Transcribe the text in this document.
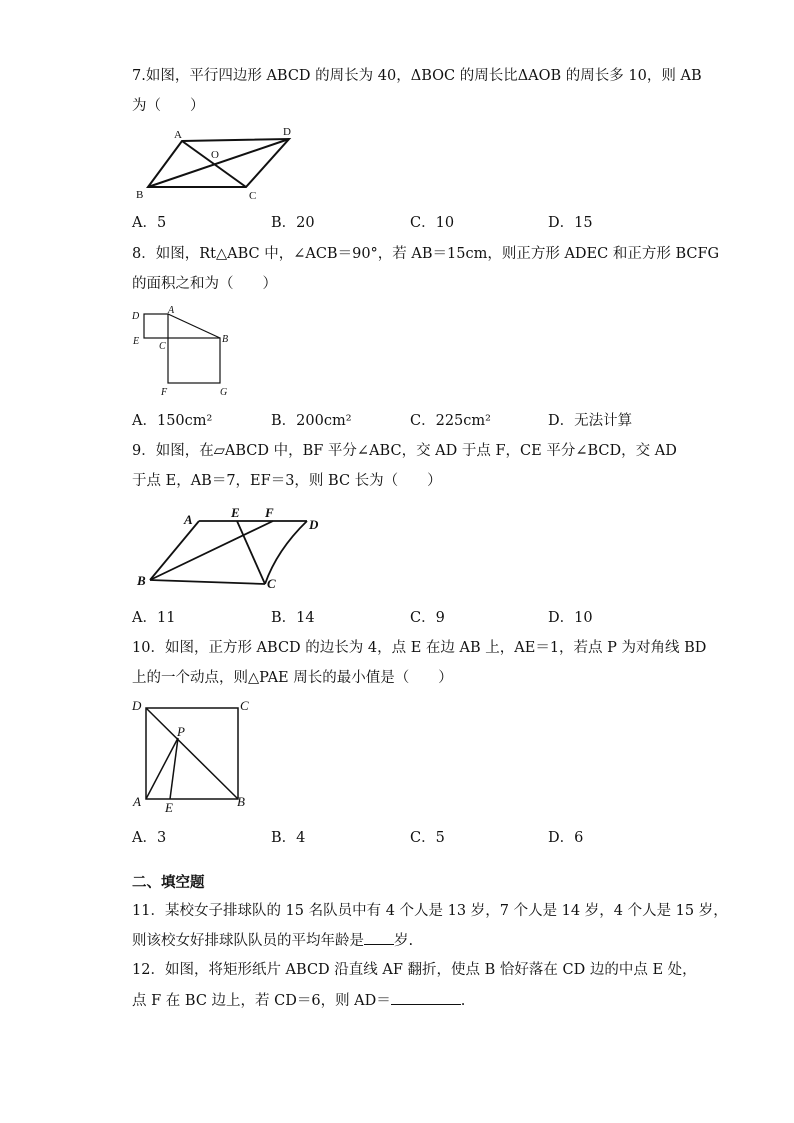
7.如图，平行四边形 ABCD 的周长为 40，ΔBOC 的周长比ΔAOB 的周长多 10，则 AB
为（　　）
A	D
O
B	C
A．5	B．20	C．10	D．15
8．如图，Rt△ABC 中，∠ACB＝90°，若 AB＝15cm，则正方形 ADEC 和正方形 BCFG
的面积之和为（　　）
D
A
E C
B
F	G
A．150cm²	B．200cm²	C．225cm²	D．无法计算
9．如图，在▱ABCD 中，BF 平分∠ABC，交 AD 于点 F，CE 平分∠BCD，交 AD
于点 E，AB＝7，EF＝3，则 BC 长为（　　）
A	E F
D
B	C
A．11	B．14	C．9	D．10
10．如图，正方形 ABCD 的边长为 4，点 E 在边 AB 上，AE＝1，若点 P 为对角线 BD
上的一个动点，则△PAE 周长的最小值是（　　）
D	C
P
A E	B
A．3	B．4	C．5	D．6
二、填空题
11．某校女子排球队的 15 名队员中有 4 个人是 13 岁，7 个人是 14 岁，4 个人是 15 岁，
则该校女好排球队队员的平均年龄是 岁.
12．如图，将矩形纸片 ABCD 沿直线 AF 翻折，使点 B 恰好落在 CD 边的中点 E 处，
点 F 在 BC 边上，若 CD＝6，则 AD＝	.
